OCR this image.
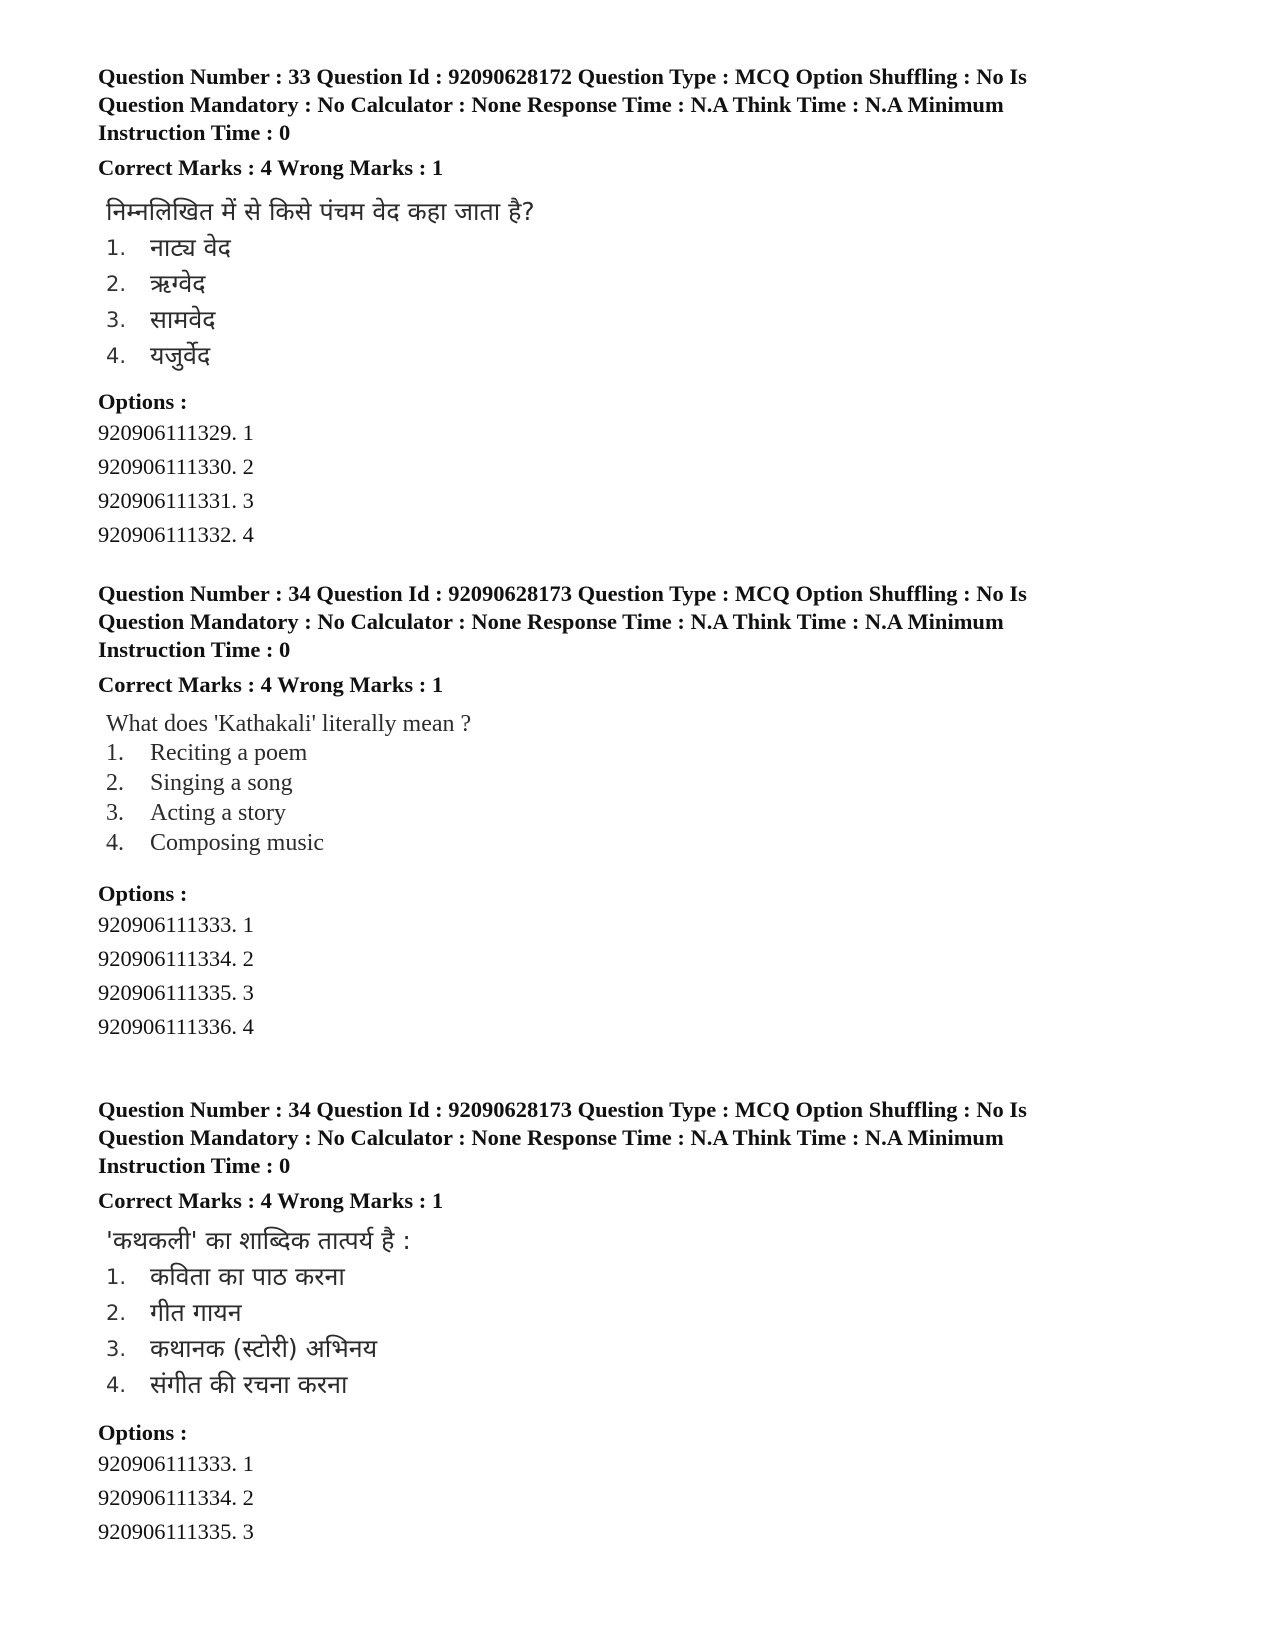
Question Number : 33 Question Id : 92090628172 Question Type : MCQ Option Shuffling : No Is
Question Mandatory : No Calculator : None Response Time : N.A Think Time : N.A Minimum
Instruction Time : 0
Correct Marks : 4 Wrong Marks : 1
निम्नलिखित में से किसे पंचम वेद कहा जाता है?
1. नाट्य वेद
2. ऋग्वेद
3. सामवेद
4. यजुर्वेद
Options :
920906111329. 1
920906111330. 2
920906111331. 3
920906111332. 4
Question Number : 34 Question Id : 92090628173 Question Type : MCQ Option Shuffling : No Is
Question Mandatory : No Calculator : None Response Time : N.A Think Time : N.A Minimum
Instruction Time : 0
Correct Marks : 4 Wrong Marks : 1
What does 'Kathakali' literally mean ?
1.	Reciting a poem
2.	Singing a song
3.	Acting a story
4.	Composing music
Options :
920906111333. 1
920906111334. 2
920906111335. 3
920906111336. 4
Question Number : 34 Question Id : 92090628173 Question Type : MCQ Option Shuffling : No Is
Question Mandatory : No Calculator : None Response Time : N.A Think Time : N.A Minimum
Instruction Time : 0
Correct Marks : 4 Wrong Marks : 1
'कथकली' का शाब्दिक तात्पर्य है :
1. कविता का पाठ करना
2. गीत गायन
3. कथानक (स्टोरी) अभिनय
4. संगीत की रचना करना
Options :
920906111333. 1
920906111334. 2
920906111335. 3
